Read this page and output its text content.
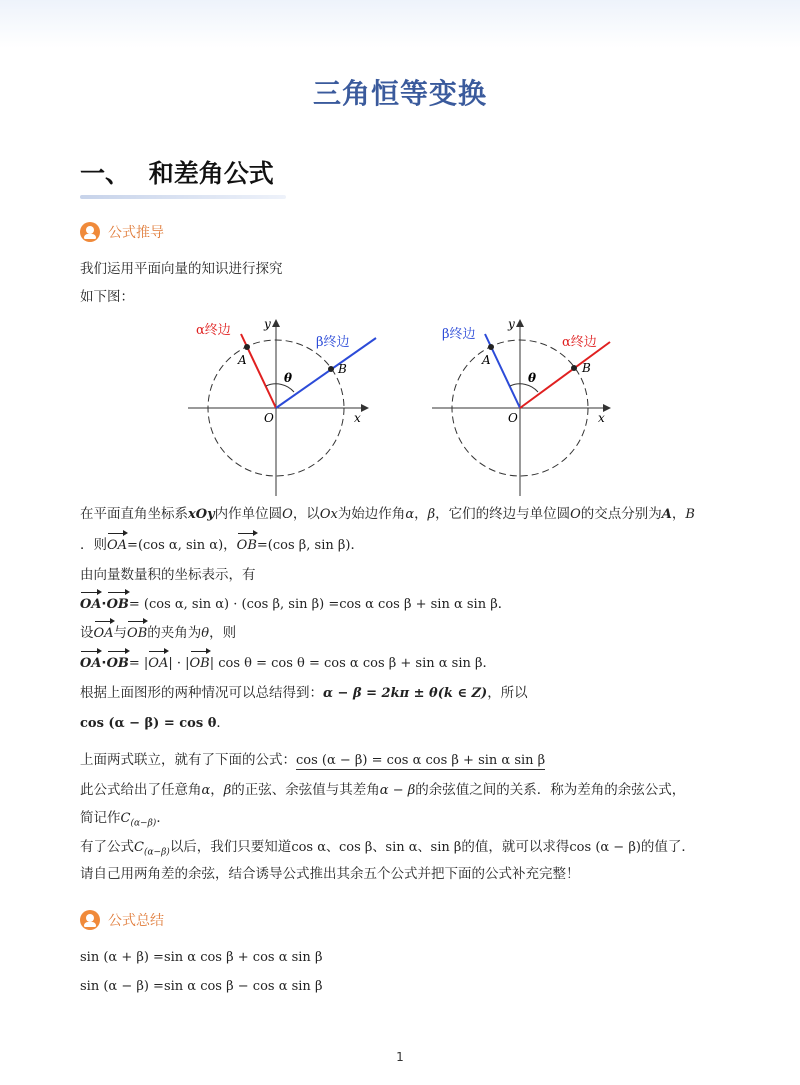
三角恒等变换
一、 和差角公式
公式推导
我们运用平面向量的知识进行探究
如下图：
α终边
β终边
A
B
O
θ
x
y
β终边
α终边
A
B
O
θ
x
y
在平面直角坐标系xOy内作单位圆O，以Ox为始边作角α，β，它们的终边与单位圆O的交点分别为A，B
．则OA=(cos α, sin α)，OB=(cos β, sin β)．
由向量数量积的坐标表示，有
OA·OB= (cos α, sin α) · (cos β, sin β) =cos α cos β + sin α sin β．
设OA与OB的夹角为θ，则
OA·OB= |OA| · |OB| cos θ = cos θ = cos α cos β + sin α sin β．
根据上面图形的两种情况可以总结得到：α − β = 2kπ ± θ(k ∈ Z)，所以
cos (α − β) = cos θ．
上面两式联立，就有了下面的公式：cos (α − β) = cos α cos β + sin α sin β
此公式给出了任意角α，β的正弦、余弦值与其差角α − β的余弦值之间的关系．称为差角的余弦公式，
简记作$C_{(\alpha-\beta)}$．
有了公式$C_{(\alpha-\beta)}$以后，我们只要知道cos α、cos β、sin α、sin β的值，就可以求得cos (α − β)的值了．
请自己用两角差的余弦，结合诱导公式推出其余五个公式并把下面的公式补充完整！
公式总结
sin (α + β) =sin α cos β + cos α sin β
sin (α − β) =sin α cos β − cos α sin β
1
